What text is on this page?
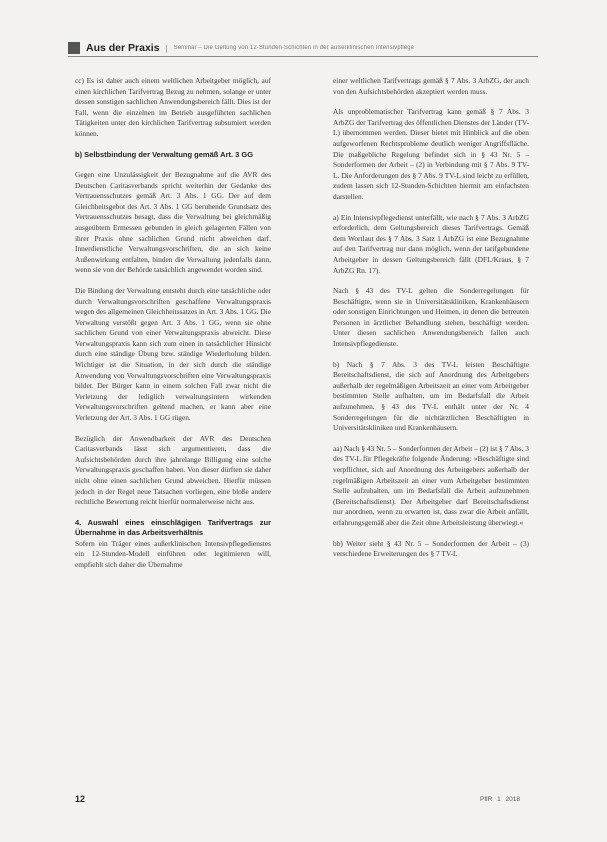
Aus der Praxis | Seminar – Die Geltung von 12-Stunden-Schichten in der außerklinischen Intensivpflege

cc) Es ist daher auch einem weltlichen Arbeitgeber möglich, auf einen kirchlichen Tarifvertrag Bezug zu nehmen, solange er unter dessen sonstigen sachlichen Anwendungsbereich fällt. Dies ist der Fall, wenn die einzelnen im Betrieb ausgeführten sachlichen Tätigkeiten unter den kirchlichen Tarifvertrag subsumiert werden können.

b) Selbstbindung der Verwaltung gemäß Art. 3 GG

Gegen eine Unzulässigkeit der Bezugnahme auf die AVR des Deutschen Caritasverbands spricht weiterhin der Gedanke des Vertrauensschutzes gemäß Art. 3 Abs. 1 GG. Der auf dem Gleichheitsgebot des Art. 3 Abs. 1 GG beruhende Grundsatz des Vertrauensschutzes besagt, dass die Verwaltung bei gleichmäßig ausgeübtem Ermessen gebunden in gleich gelagerten Fällen von ihrer Praxis ohne sachlichen Grund nicht abweichen darf. Innerdienstliche Verwaltungsvorschriften, die an sich keine Außenwirkung entfalten, binden die Verwaltung jedenfalls dann, wenn sie von der Behörde tatsächlich angewendet worden sind.

Die Bindung der Verwaltung entsteht durch eine tatsächliche oder durch Verwaltungsvorschriften geschaffene Verwaltungspraxis wegen des allgemeinen Gleichheitssatzes in Art. 3 Abs. 1 GG. Die Verwaltung verstößt gegen Art. 3 Abs. 1 GG, wenn sie ohne sachlichen Grund von einer Verwaltungspraxis abweicht. Diese Verwaltungspraxis kann sich zum einen in tatsächlicher Hinsicht durch eine ständige Übung bzw. ständige Wiederholung bilden. Wichtiger ist die Situation, in der sich durch die ständige Anwendung von Verwaltungsvorschriften eine Verwaltungspraxis bildet. Der Bürger kann in einem solchen Fall zwar nicht die Verletzung der lediglich verwaltungsintern wirkenden Verwaltungsvorschriften geltend machen, er kann aber eine Verletzung der Art. 3 Abs. 1 GG rügen.

Bezüglich der Anwendbarkeit der AVR des Deutschen Caritasverbands lässt sich argumentieren, dass die Aufsichtsbehörden durch ihre jahrelange Billigung eine solche Verwaltungspraxis geschaffen haben. Von dieser dürften sie daher nicht ohne einen sachlichen Grund abweichen. Hierfür müssen jedoch in der Regel neue Tatsachen vorliegen, eine bloße andere rechtliche Bewertung reicht hierfür normalerweise nicht aus.

4. Auswahl eines einschlägigen Tarifvertrags zur Übernahme in das Arbeitsverhältnis

Sofern ein Träger eines außerklinischen Intensivpflegedienstes ein 12-Stunden-Modell einführen oder legitimieren will, empfiehlt sich daher die Übernahme

einer weltlichen Tarifvertrags gemäß § 7 Abs. 3 ArbZG, der auch von den Aufsichtsbehörden akzeptiert werden muss.

Als unproblematischer Tarifvertrag kann gemäß § 7 Abs. 3 ArbZG der Tarifvertrag des öffentlichen Dienstes der Länder (TV-L) übernommen werden. Dieser bietet mit Hinblick auf die oben aufgeworfenen Rechtsprobleme deutlich weniger Angriffsfläche. Die maßgebliche Regelung befindet sich in § 43 Nr. 5 – Sonderformen der Arbeit – (2) in Verbindung mit § 7 Abs. 9 TV-L. Die Anforderungen des § 7 Abs. 9 TV-L sind leicht zu erfüllen, zudem lassen sich 12-Stunden-Schichten hiermit am einfachsten darstellen.

a) Ein Intensivpflegedienst unterfällt, wie nach § 7 Abs. 3 ArbZG erforderlich, dem Geltungsbereich dieses Tarifvertrags. Gemäß dem Wortlaut des § 7 Abs. 3 Satz 1 ArbZG ist eine Bezugnahme auf den Tarifvertrag nur dann möglich, wenn der tarifgebundene Arbeitgeber in dessen Geltungsbereich fällt (DFL/Kraus, § 7 ArbZG Rn. 17).

Nach § 43 des TV-L gelten die Sonderregelungen für Beschäftigte, wenn sie in Universitätskliniken, Krankenhäusern oder sonstigen Einrichtungen und Heimen, in denen die betreuten Personen in ärztlicher Behandlung stehen, beschäftigt werden. Unter diesen sachlichen Anwendungsbereich fallen auch Intensivpflegedienste.

b) Nach § 7 Abs. 3 des TV-L leisten Beschäftigte Bereitschaftsdienst, die sich auf Anordnung des Arbeitgebers außerhalb der regelmäßigen Arbeitszeit an einer vom Arbeitgeber bestimmten Stelle aufhalten, um im Bedarfsfall die Arbeit aufzunehmen. § 43 des TV-L enthält unter der Nr. 4 Sonderregelungen für die nichtärztlichen Beschäftigten in Universitätskliniken und Krankenhäusern.

aa) Nach § 43 Nr. 5 – Sonderformen der Arbeit – (2) ist § 7 Abs. 3 des TV-L für Pflegekräfte folgende Änderung: »Beschäftigte sind verpflichtet, sich auf Anordnung des Arbeitgebers außerhalb der regelmäßigen Arbeitszeit an einer vom Arbeitgeber bestimmten Stelle aufzuhalten, um im Bedarfsfall die Arbeit aufzunehmen (Bereitschaftsdienst). Der Arbeitgeber darf Bereitschaftsdienst nur anordnen, wenn zu erwarten ist, dass zwar die Arbeit anfällt, erfahrungsgemäß aber die Zeit ohne Arbeitsleistung überwiegt.«

bb) Weiter sieht § 43 Nr. 5 – Sonderformen der Arbeit – (3) verschiedene Erweiterungen des § 7 TV-L

12	PflR 1 2018
